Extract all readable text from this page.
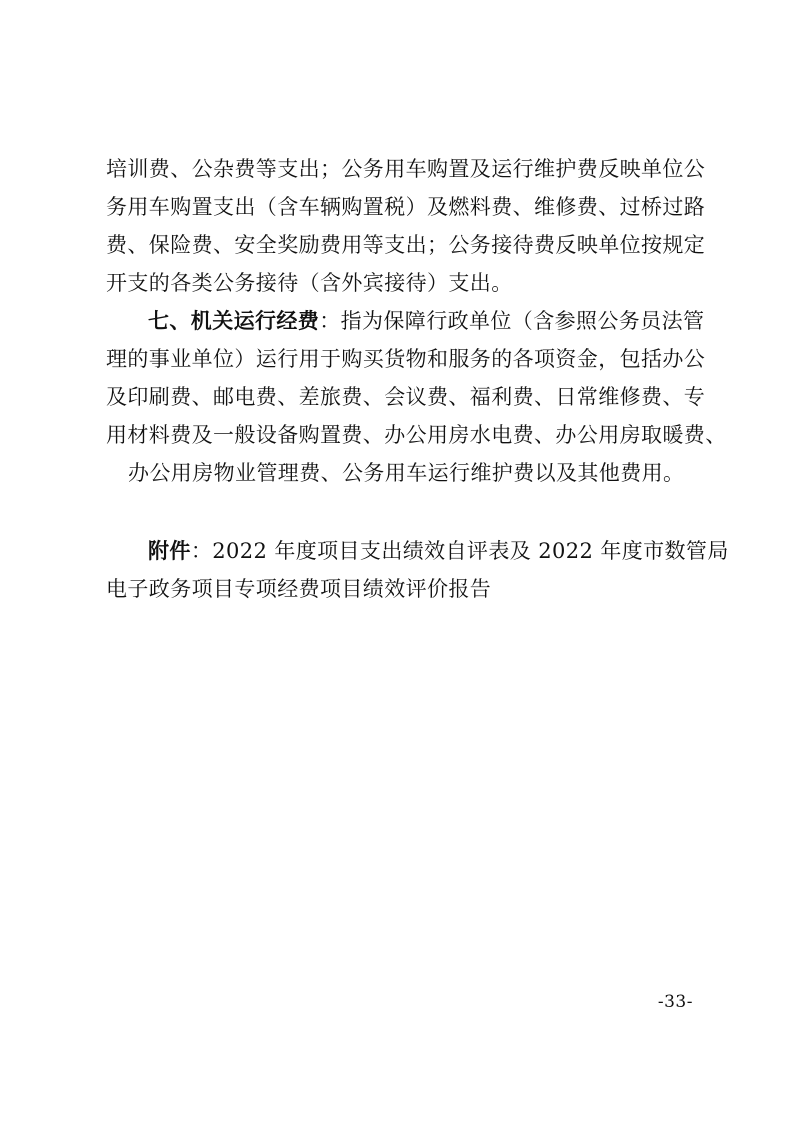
培训费、公杂费等支出；公务用车购置及运行维护费反映单位公
务用车购置支出（含车辆购置税）及燃料费、维修费、过桥过路
费、保险费、安全奖励费用等支出；公务接待费反映单位按规定
开支的各类公务接待（含外宾接待）支出。
七、机关运行经费：指为保障行政单位（含参照公务员法管
理的事业单位）运行用于购买货物和服务的各项资金，包括办公
及印刷费、邮电费、差旅费、会议费、福利费、日常维修费、专
用材料费及一般设备购置费、办公用房水电费、办公用房取暖费、
办公用房物业管理费、公务用车运行维护费以及其他费用。
附件：2022 年度项目支出绩效自评表及 2022 年度市数管局
电子政务项目专项经费项目绩效评价报告
-33-
